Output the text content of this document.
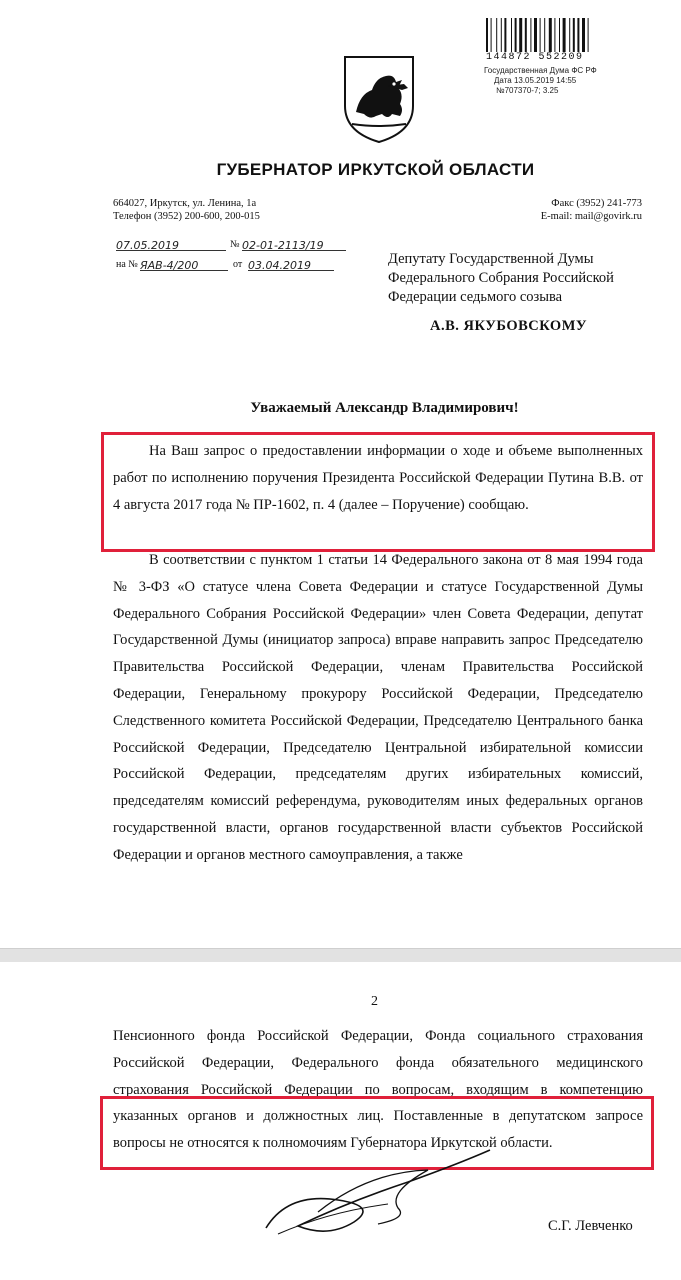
144872 552209
Государственная Дума ФС РФ
Дата 13.05.2019 14:55
№707370-7; 3.25
ГУБЕРНАТОР ИРКУТСКОЙ ОБЛАСТИ
664027, Иркутск, ул. Ленина, 1а
Телефон (3952) 200-600, 200-015
Факс (3952) 241-773
E-mail: mail@govirk.ru
07.05.2019	№ 02-01-2113/19
на № ЯАВ-4/200	от 03.04.2019	Депутату Государственной Думы
Федерального Собрания Российской
Федерации седьмого созыва
А.В. ЯКУБОВСКОМУ
Уважаемый Александр Владимирович!
На Ваш запрос о предоставлении информации о ходе и объеме выполненных работ по исполнению поручения Президента Российской Федерации Путина В.В. от 4 августа 2017 года № ПР-1602, п. 4 (далее – Поручение) сообщаю.
В соответствии с пунктом 1 статьи 14 Федерального закона от 8 мая 1994 года № 3-ФЗ «О статусе члена Совета Федерации и статусе Государственной Думы Федерального Собрания Российской Федерации» член Совета Федерации, депутат Государственной Думы (инициатор запроса) вправе направить запрос Председателю Правительства Российской Федерации, членам Правительства Российской Федерации, Генеральному прокурору Российской Федерации, Председателю Следственного комитета Российской Федерации, Председателю Центрального банка Российской Федерации, Председателю Центральной избирательной комиссии Российской Федерации, председателям других избирательных комиссий, председателям комиссий референдума, руководителям иных федеральных органов государственной власти, органов государственной власти субъектов Российской Федерации и органов местного самоуправления, а также
2
Пенсионного фонда Российской Федерации, Фонда социального страхования Российской Федерации, Федерального фонда обязательного медицинского страхования Российской Федерации по вопросам, входящим в компетенцию указанных органов и должностных лиц. Поставленные в депутатском запросе вопросы не относятся к полномочиям Губернатора Иркутской области.
С.Г. Левченко
